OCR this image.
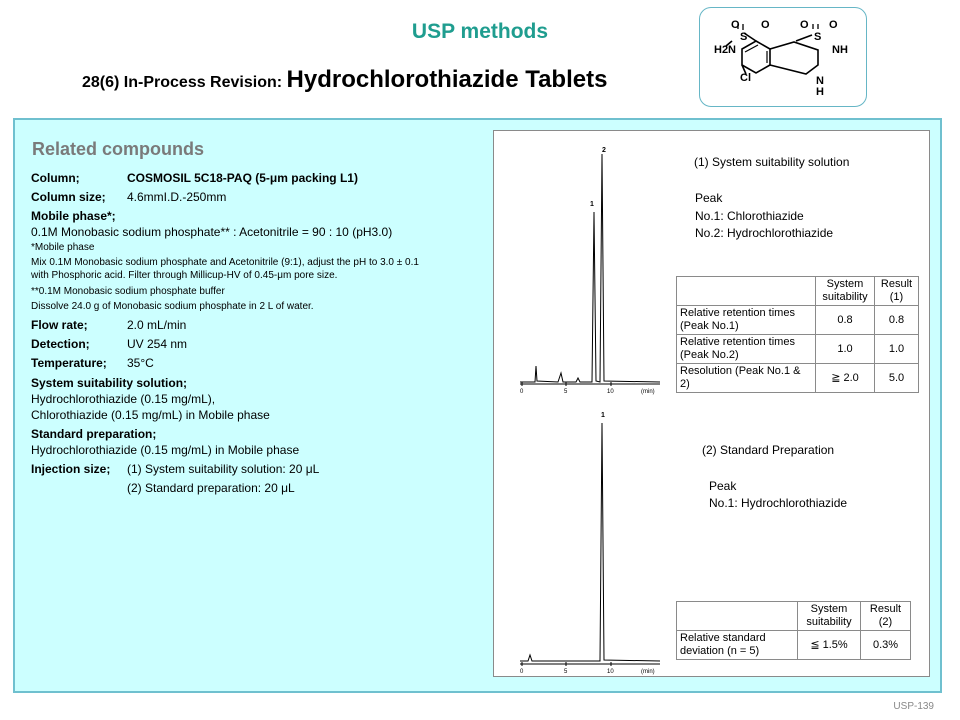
USP methods
28(6) In-Process Revision: Hydrochlorothiazide Tablets
O O
S
H2N
O O
S
NH
Cl	N
H
Related compounds
Column;	COSMOSIL 5C18-PAQ (5-μm packing L1)
Column size; 4.6mmI.D.-250mm
Mobile phase*;
0.1M Monobasic sodium phosphate** : Acetonitrile = 90 : 10 (pH3.0)
*Mobile phase
Mix 0.1M Monobasic sodium phosphate and Acetonitrile (9:1), adjust the pH to 3.0 ± 0.1
with Phosphoric acid. Filter through Millicup-HV of 0.45-μm pore size.
**0.1M Monobasic sodium phosphate buffer
Dissolve 24.0 g of Monobasic sodium phosphate in 2 L of water.
Flow rate;	2.0 mL/min
Detection;	UV 254 nm
Temperature; 35°C
System suitability solution;
Hydrochlorothiazide (0.15 mg/mL),
Chlorothiazide (0.15 mg/mL) in Mobile phase
Standard preparation;
Hydrochlorothiazide (0.15 mg/mL) in Mobile phase
Injection size; (1) System suitability solution: 20 μL
(2) Standard preparation: 20 μL
0	5	10	(min)
1
2
(1) System suitability solution
Peak
No.1: Chlorothiazide
No.2: Hydrochlorothiazide
	System suitability	Result (1)
Relative retention times (Peak No.1)	0.8	0.8
Relative retention times (Peak No.2)	1.0	1.0
Resolution (Peak No.1 & 2)	≧ 2.0	5.0
0	5	10	(min)
1
(2) Standard Preparation
Peak
No.1: Hydrochlorothiazide
	System suitability	Result (2)
Relative standard deviation (n = 5)	≦ 1.5%	0.3%
USP-139
